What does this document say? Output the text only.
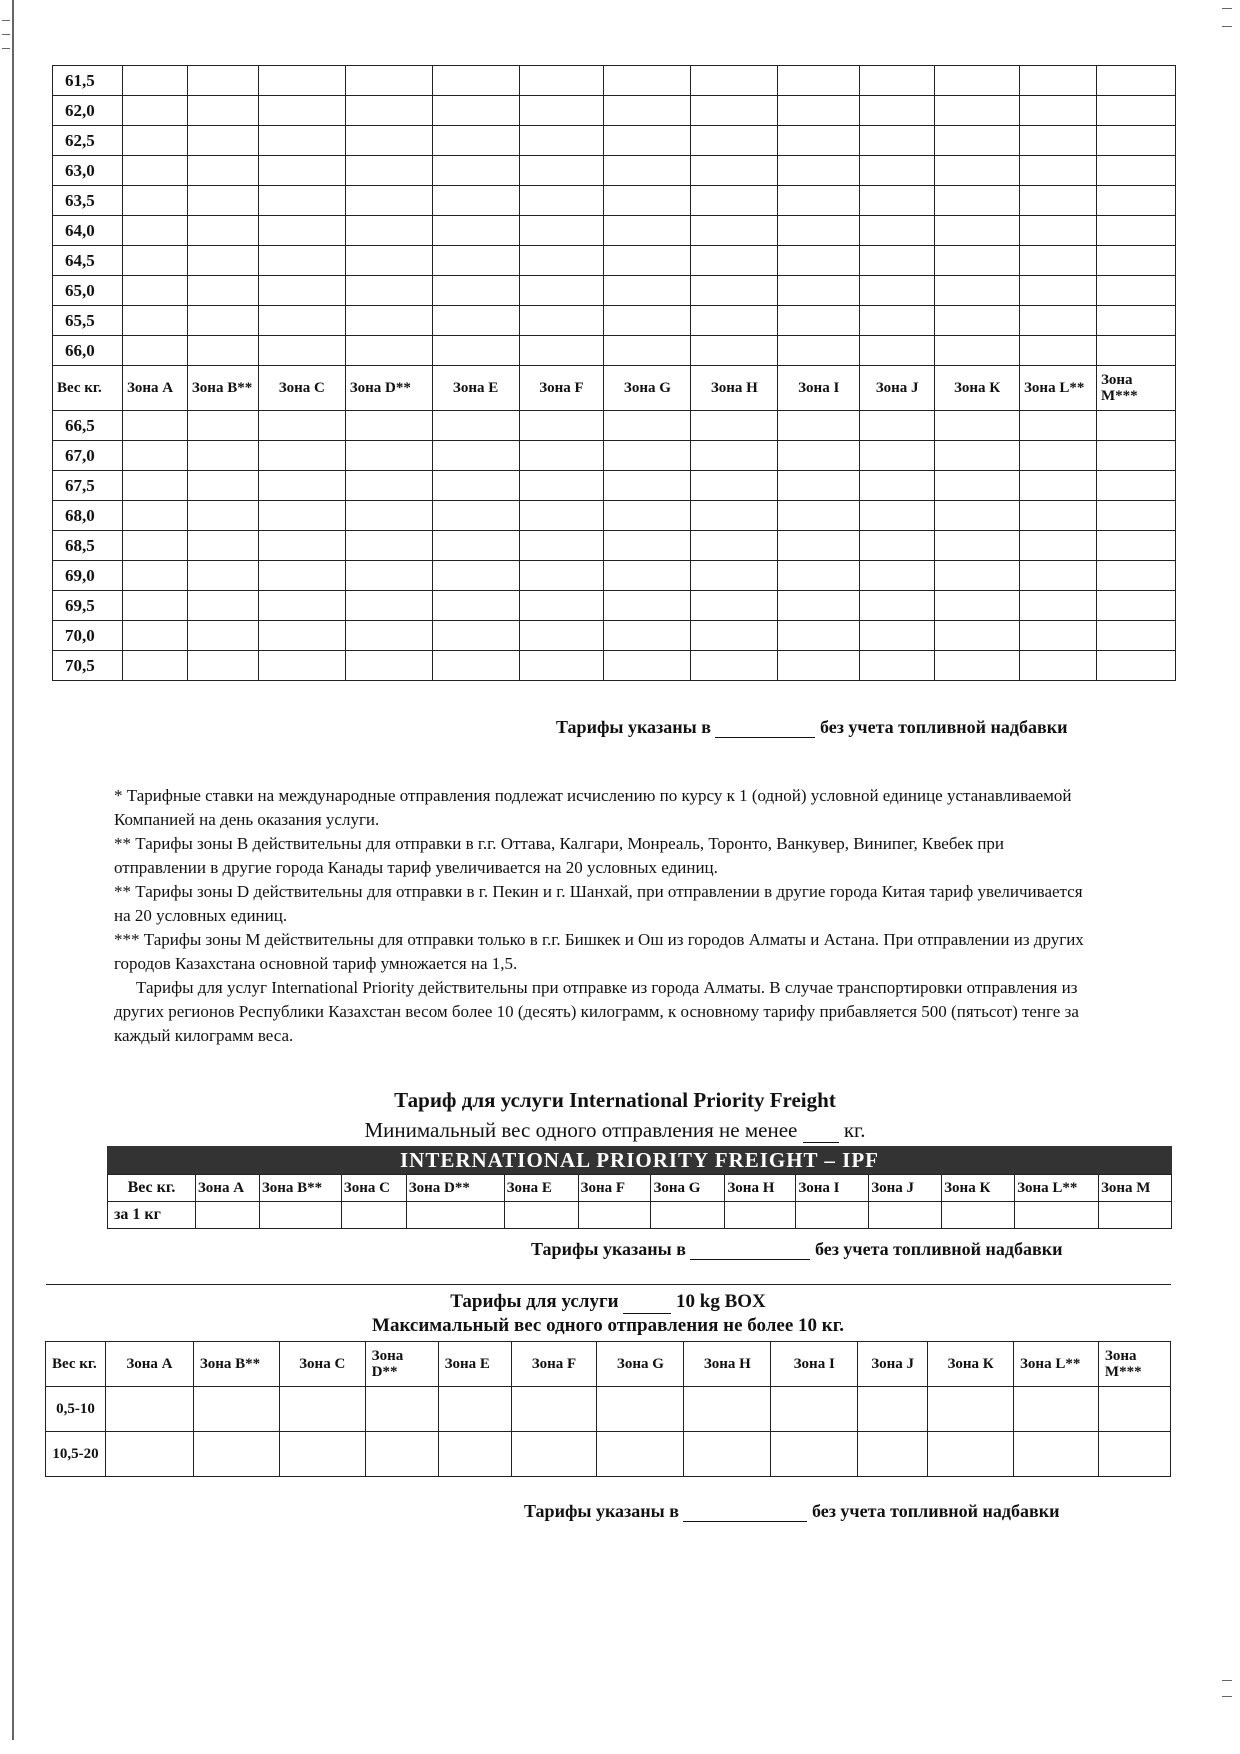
61,5													
62,0													
62,5													
63,0													
63,5													
64,0													
64,5													
65,0													
65,5													
66,0													
Вес кг.	Зона А	Зона В**	Зона С	Зона D**	Зона Е	Зона F	Зона G	Зона Н	Зона I	Зона J	Зона К	Зона L**	Зона М***
66,5													
67,0													
67,5													
68,0													
68,5													
69,0													
69,5													
70,0													
70,5													
Тарифы указаны в	без учета топливной надбавки

* Тарифные ставки на международные отправления подлежат исчислению по курсу к 1 (одной) условной единице устанавливаемой Компанией на день оказания услуги.

** Тарифы зоны В действительны для отправки в г.г. Оттава, Калгари, Монреаль, Торонто, Ванкувер, Винипег, Квебек при отправлении в другие города Канады тариф увеличивается на 20 условных единиц.

** Тарифы зоны D действительны для отправки в г. Пекин и г. Шанхай, при отправлении в другие города Китая тариф увеличивается на 20 условных единиц.

*** Тарифы зоны М действительны для отправки только в г.г. Бишкек и Ош из городов Алматы и Астана. При отправлении из других городов Казахстана основной тариф умножается на 1,5.

Тарифы для услуг International Priority действительны при отправке из города Алматы. В случае транспортировки отправления из других регионов Республики Казахстан весом более 10 (десять) килограмм, к основному тарифу прибавляется 500 (пятьсот) тенге за каждый килограмм веса.

Тариф для услуги International Priority Freight
Минимальный вес одного отправления не менее кг.
INTERNATIONAL PRIORITY FREIGHT – IPF
Вес кг.	Зона А	Зона В**	Зона С	Зона D**	Зона Е	Зона F	Зона G	Зона Н	Зона I	Зона J	Зона К	Зона L**	Зона М
за 1 кг													
Тарифы указаны в	без учета топливной надбавки
Тарифы для услуги 10 kg BOX
Максимальный вес одного отправления не более 10 кг.													

Вес кг.	Зона А	Зона В**	Зона С	Зона D**	Зона Е	Зона F	Зона G	Зона Н	Зона I	Зона J	Зона К	Зона L**	Зона М***
0,5-10													
10,5-20													
Тарифы указаны в	без учета топливной надбавки
